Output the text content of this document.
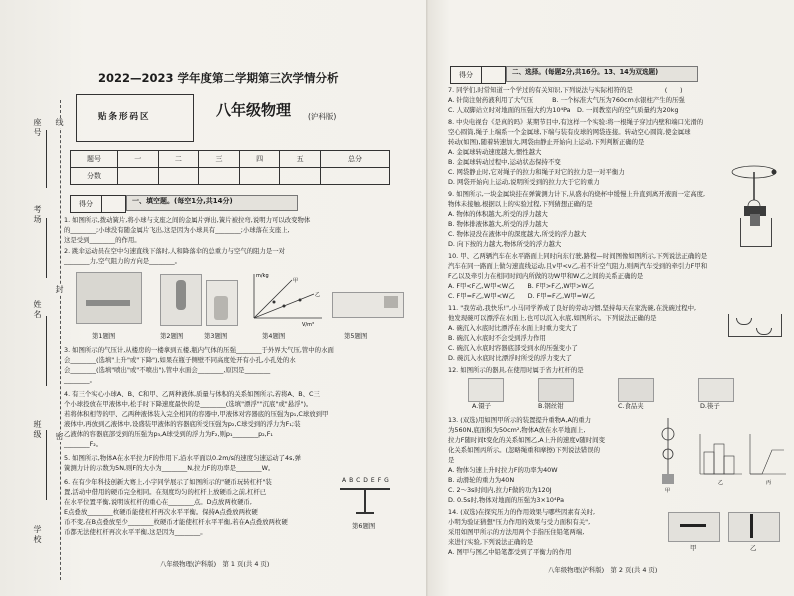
2022—2023 学年度第二学期第三次学情分析
贴条形码区	八年级物理 (沪科版)
座号
考场
姓名
班级
学校
线
封
密
题号	一	二	三	四	五	总分
分数						
得分		一、填空题。(每空1分,共14分)
1. 如图所示,拨动簧片,将小球与支座之间的金属片弹出,簧片被拉弯,说明力可以改变物体
的________;小球没有随金属片飞出,这是因为小球具有________;小球落在支座上,
这是受到________的作用。
2. 跳伞运动员在空中匀速直线下落时,人和降落伞的总重力与空气的阻力是一对
________力,空气阻力的方向是________。
m/kg
甲
乙
V/m³
第1题图	第2题图	第3题图	第4题图	第5题图
3. 如图所示的气压计,从楼房的一楼拿到五楼,瓶内气体的压强________于外界大气压,管中的水面
会________(选填"上升"或"下降"),如果在瓶子侧壁不同高度处开有小孔,小孔处的水
会________(选填"喷出"或"不喷出"),管中水面会________,原因是________
________。
4. 有三个实心小球A、B、C和甲、乙两种液体,质量与体积的关系如图所示,若将A、B、C三
个小球投放在甲液体中,松手时下降速度最快的是________(选填"漂浮""沉底"或"悬浮")。
若将体积相等的甲、乙两种液体装入完全相同的容器中,甲液体对容器底的压强为p₁,C球放到甲
液体中,再放到乙液体中,设盛装甲液体的容器底所受压强为p₂,C球受到的浮力为F₁;装
乙液体的容器底部受到的压强为p₃,A球受到的浮力为F₂,则p₁________p₂,F₁
________F₂。
5. 如图所示,物体A在水平拉力F的作用下,沿水平面以0.2m/s的速度匀速运动了4s,弹
簧测力计的示数为5N,则F的大小为________N,拉力F的功率是________W。
6. 在有少年科技创新大赛上,小宇同学展示了如图所示的"硬币玩转杠杆"装
置,活动中借用的硬币完全相同。在刻度均匀的杠杆上放硬币之前,杠杆已
在水平位置平衡,说明该杠杆的重心在________点。D点放两枚硬币,
E点叠放________枚硬币能使杠杆再次水平平衡。保持A点叠放两枚硬
币不变,在B点叠放至少________枚硬币才能使杠杆水平平衡,若在A点叠放两枚硬
币都无法使杠杆再次水平平衡,这是因为________。
ABCDEFG
第6题图
八年级物理(沪科版)　第 1 页(共 4 页)
得分		二、选择。(每题2分,共16分。13、14为双选题)
7. 同学们,时常知道一个学过的有关知识,下列说法与实际相符的是　　　　　(　　)
A. 针筒注射药液利用了大气压　　　B. 一个标准大气压为760cm水银柱产生的压强
C. 人双脚站立时对地面的压强大约为10⁴Pa　D. 一间教室内的空气质量约为20kg
8. 中央电视台《是真的吗》某期节目中,有这样一个实验:将一根绳子穿过内壁和端口光滑的
空心圆筒,绳子上端系一个金属球,下端与装有皮球的网袋连接。转动空心圆筒,使金属球
转动(如图),随着转速加大,网袋由静止开始向上运动,下列判断正确的是
A. 金属球转动速度越大,惯性越大
B. 金属球转动过程中,运动状态保持不变
C. 网袋静止时,它对绳子的拉力和绳子对它的拉力是一对平衡力
D. 网袋开始向上运动,说明所受到的拉力大于它的重力
9. 如图所示,一块金属块挂在弹簧测力计下,从盛水的烧杯中缓慢上升直到离开液面一定高度,
物体未接触,根据以上的实验过程,下列猜想正确的是
A. 物体的体积越大,所受的浮力越大
B. 物体排液体越大,所受的浮力越大
C. 物体浸没在液体中的深度越大,所受的浮力越大
D. 向下按的力越大,物体所受的浮力越大
10. 甲、乙两辆汽车在水平路面上同时向东行驶,路程—时间图像如图所示,下列说法正确的是
汽车在同一路面上做匀速直线运动,且v甲<v乙,若不计空气阻力,则两汽车受到的牵引力F甲和
F乙以及牵引力在相同时间内所做的功W甲和W乙之间的关系正确的是
A. F甲<F乙,W甲<W乙　　B. F甲>F乙,W甲>W乙
C. F甲=F乙,W甲<W乙　　D. F甲=F乙,W甲=W乙
11. "我劳动,我快乐!",小马同学养成了良好的劳动习惯,坚持每天在家洗碗,在洗碗过程中,
他发现碗可以漂浮在水面上,也可以沉入水底,如图所示。下列说法正确的是
A. 碗沉入水底时比漂浮在水面上时重力变大了
B. 碗沉入水底时不会受到浮力作用
C. 碗沉入水底时容器底部受到水的压强变小了
D. 碗沉入水底时比漂浮时所受的浮力变大了
12. 如图所示的器具,在使用时属于省力杠杆的是
A.镊子	B.钢丝钳	C.食品夹	D.筷子
13. (双选)用如图甲所示的装置提升重物A,A的重力
为560N,底面积为50cm²,物体A放在水平地面上,
拉力F随时间t变化的关系如图乙,A上升的速度v随时间变
化关系如图丙所示。(忽略绳重和摩擦)下列说法错误的
是
A. 物体匀速上升时拉力F的功率为40W
B. 动滑轮的重力为40N
C. 2～3s时间内,拉力F做的功为120J
D. 0.5s时,物体对地面的压强为3×10⁴Pa
14. (双选)在探究压力的作用效果与哪些因素有关时,
小明为验证猜想"压力作用的效果与受力面积有关",
采用如图甲所示的方法用两个手指压住铅笔两端,
来进行实验,下列说法正确的是
A. 图甲与图乙中铅笔都受到了平衡力的作用
甲
乙	丙
甲	乙
八年级物理(沪科版)　第 2 页(共 4 页)
